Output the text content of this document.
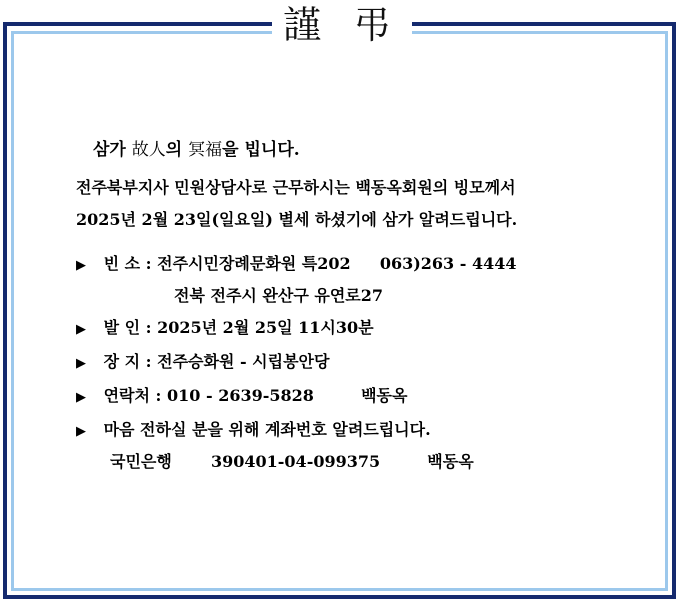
謹 弔
삼가 故人의 冥福을 빕니다.
전주북부지사 민원상담사로 근무하시는 백동옥회원의 빙모께서
2025년 2월 23일(일요일) 별세 하셨기에 삼가 알려드립니다.
▶ 빈 소 : 전주시민장례문화원 특202 063)263 - 4444
전북 전주시 완산구 유연로27
▶ 발 인 : 2025년 2월 25일 11시30분
▶ 장 지 : 전주승화원 - 시립봉안당
▶ 연락처 : 010 - 2639-5828	백동옥
▶ 마음 전하실 분을 위해 계좌번호 알려드립니다.
국민은행 390401-04-099375	백동옥
